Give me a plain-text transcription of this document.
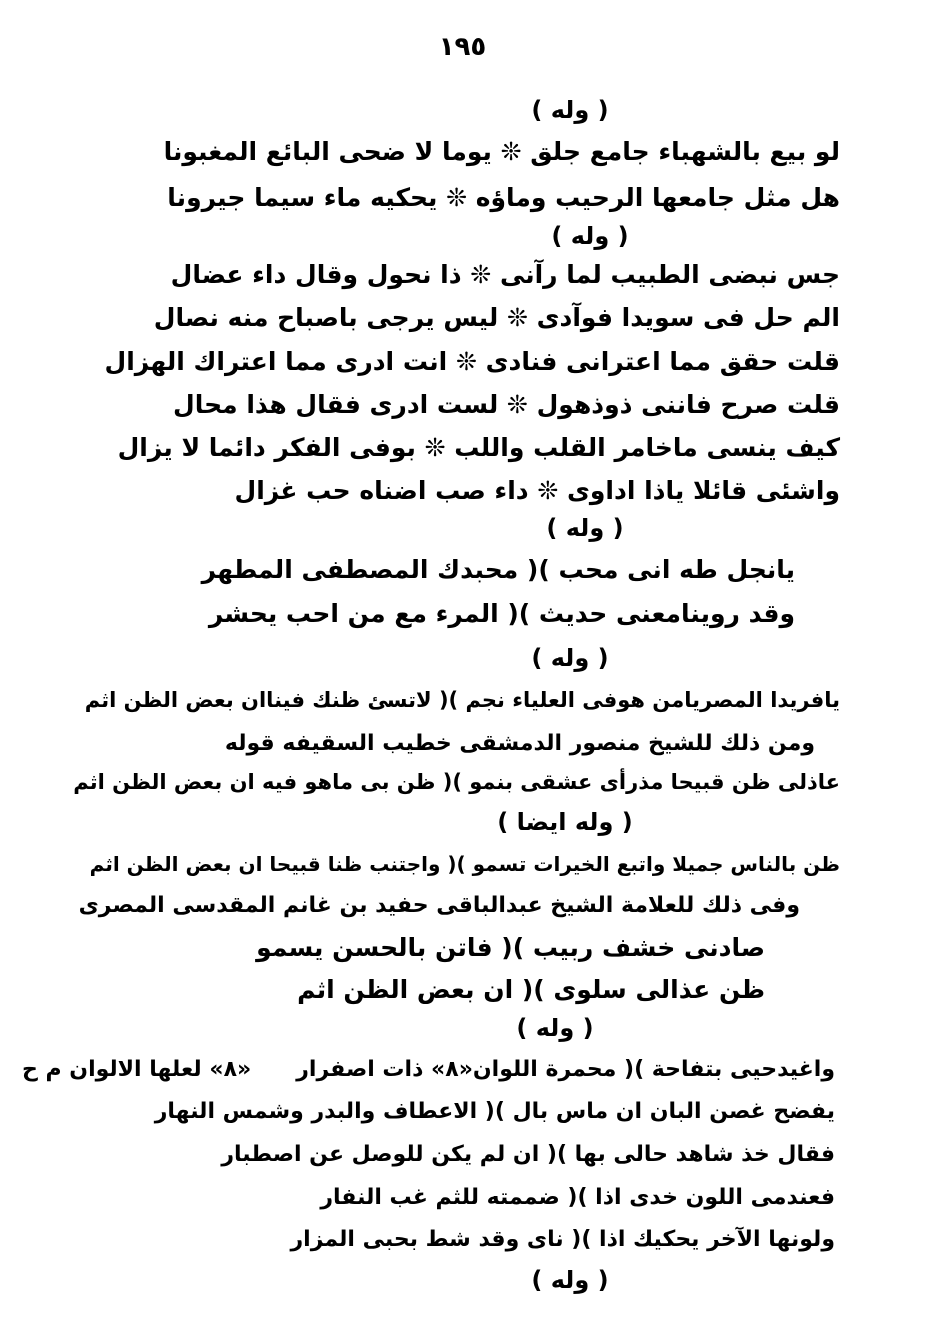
١٩٥
( وله )
لو بيع بالشهباء جامع جلق ❊ يوما لا ضحى البائع المغبونا
هل مثل جامعها الرحيب وماؤه ❊ يحكيه ماء سيما جيرونا
( وله )
جس نبضى الطبيب لما رآنى ❊ ذا نحول وقال داء عضال
الم حل فى سويدا فوآدى ❊ ليس يرجى باصباح منه نصال
قلت حقق مما اعترانى فنادى ❊ انت ادرى مما اعتراك الهزال
قلت صرح فاننى ذوذهول ❊ لست ادرى فقال هذا محال
كيف ينسى ماخامر القلب واللب ❊ بوفى الفكر دائما لا يزال
واشئى قائلا ياذا اداوى ❊ داء صب اضناه حب غزال
( وله )
يانجل طه انى محب )( محبدك المصطفى المطهر
وقد روينامعنى حديث )( المرء مع من احب يحشر
( وله )
يافريدا المصريامن هوفى العلياء نجم )( لاتسئ ظنك فيناان بعض الظن اثم
ومن ذلك للشيخ منصور الدمشقى خطيب السقيفه قوله
عاذلى ظن قبيحا مذرأى عشقى بنمو )( ظن بى ماهو فيه ان بعض الظن اثم
( وله ايضا )
ظن بالناس جميلا واتبع الخيرات تسمو )( واجتنب ظنا قبيحا ان بعض الظن اثم
وفى ذلك للعلامة الشيخ عبدالباقى حفيد بن غانم المقدسى المصرى
صادنى خشف ربيب )( فاتن بالحسن يسمو
ظن عذالى سلوى )( ان بعض الظن اثم
( وله )
واغيدحيى بتفاحة )( محمرة اللوان«٨» ذات اصفرار
يفضح غصن البان ان ماس بال )( الاعطاف والبدر وشمس النهار
فقال خذ شاهد حالى بها )( ان لم يكن للوصل عن اصطبار
فعندمى اللون خدى اذا )( ضممته للثم غب النفار
ولونها الآخر يحكيك اذا )( ناى وقد شط بحبى المزار
( وله )
«٨» لعلها الالوان م ح
